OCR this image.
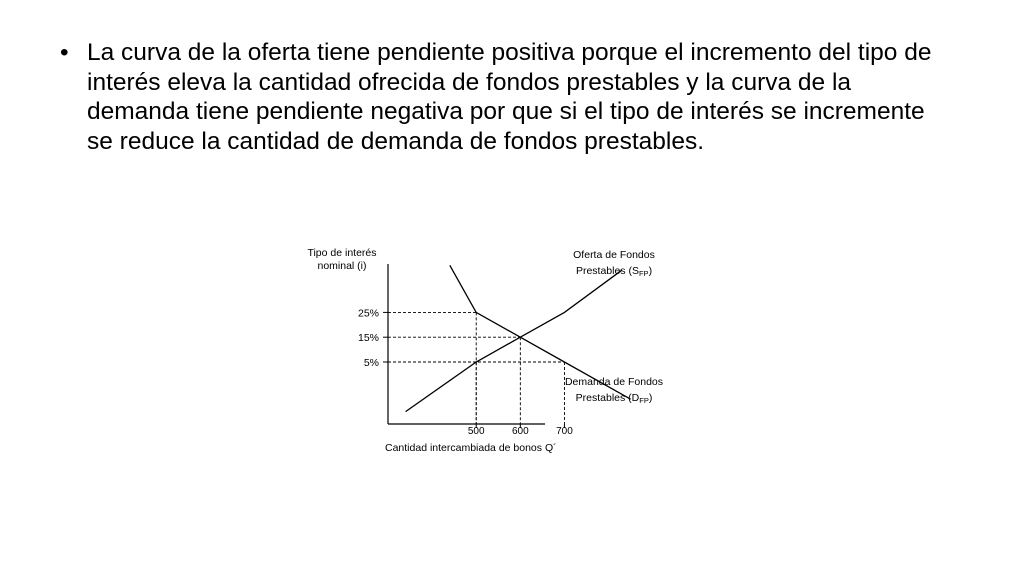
• La curva de la oferta tiene pendiente positiva porque el incremento del tipo de interés eleva la cantidad ofrecida de fondos prestables y la curva de la demanda tiene pendiente negativa por que si el tipo de interés se incremente se reduce la cantidad de demanda de fondos prestables.
Tipo de interés
nominal (i)
25%
15%
5%
500	600	700
Cantidad intercambiada de bonos Q´
Oferta de Fondos
Prestables (SFP)
Demanda de Fondos
Prestables (DFP)
